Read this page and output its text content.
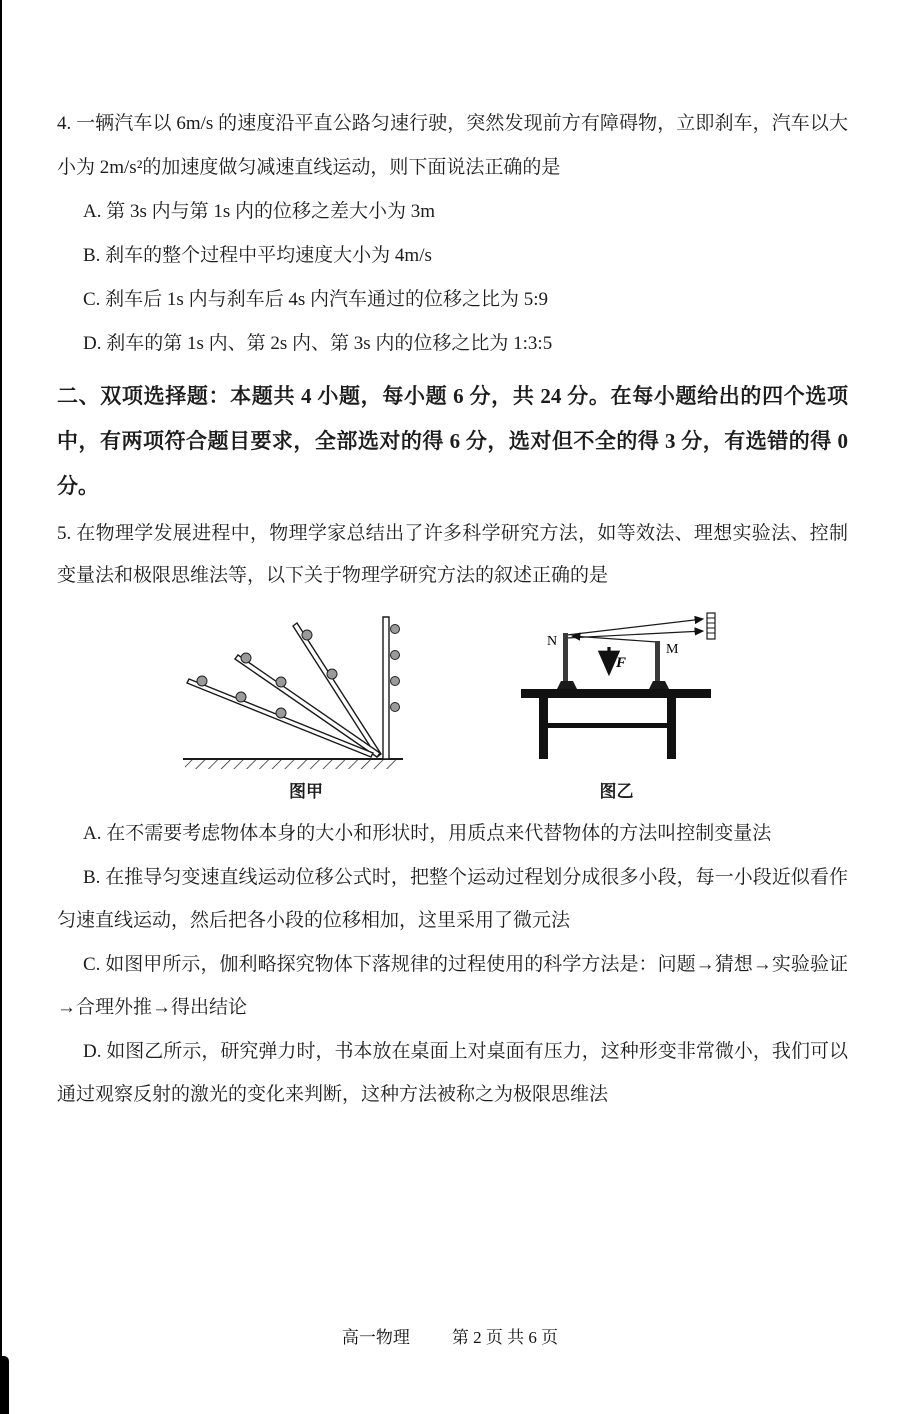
4. 一辆汽车以 6m/s 的速度沿平直公路匀速行驶，突然发现前方有障碍物，立即刹车，汽车以大小为 2m/s²的加速度做匀减速直线运动，则下面说法正确的是

A. 第 3s 内与第 1s 内的位移之差大小为 3m

B. 刹车的整个过程中平均速度大小为 4m/s

C. 刹车后 1s 内与刹车后 4s 内汽车通过的位移之比为 5:9

D. 刹车的第 1s 内、第 2s 内、第 3s 内的位移之比为 1:3:5

二、双项选择题：本题共 4 小题，每小题 6 分，共 24 分。在每小题给出的四个选项中，有两项符合题目要求，全部选对的得 6 分，选对但不全的得 3 分，有选错的得 0 分。

5. 在物理学发展进程中，物理学家总结出了许多科学研究方法，如等效法、理想实验法、控制变量法和极限思维法等，以下关于物理学研究方法的叙述正确的是

图甲
N
M
F
图乙

A. 在不需要考虑物体本身的大小和形状时，用质点来代替物体的方法叫控制变量法

B. 在推导匀变速直线运动位移公式时，把整个运动过程划分成很多小段，每一小段近似看作匀速直线运动，然后把各小段的位移相加，这里采用了微元法

C. 如图甲所示，伽利略探究物体下落规律的过程使用的科学方法是：问题→猜想→实验验证→合理外推→得出结论

D. 如图乙所示，研究弹力时，书本放在桌面上对桌面有压力，这种形变非常微小，我们可以通过观察反射的激光的变化来判断，这种方法被称之为极限思维法

高一物理 第 2 页 共 6 页
